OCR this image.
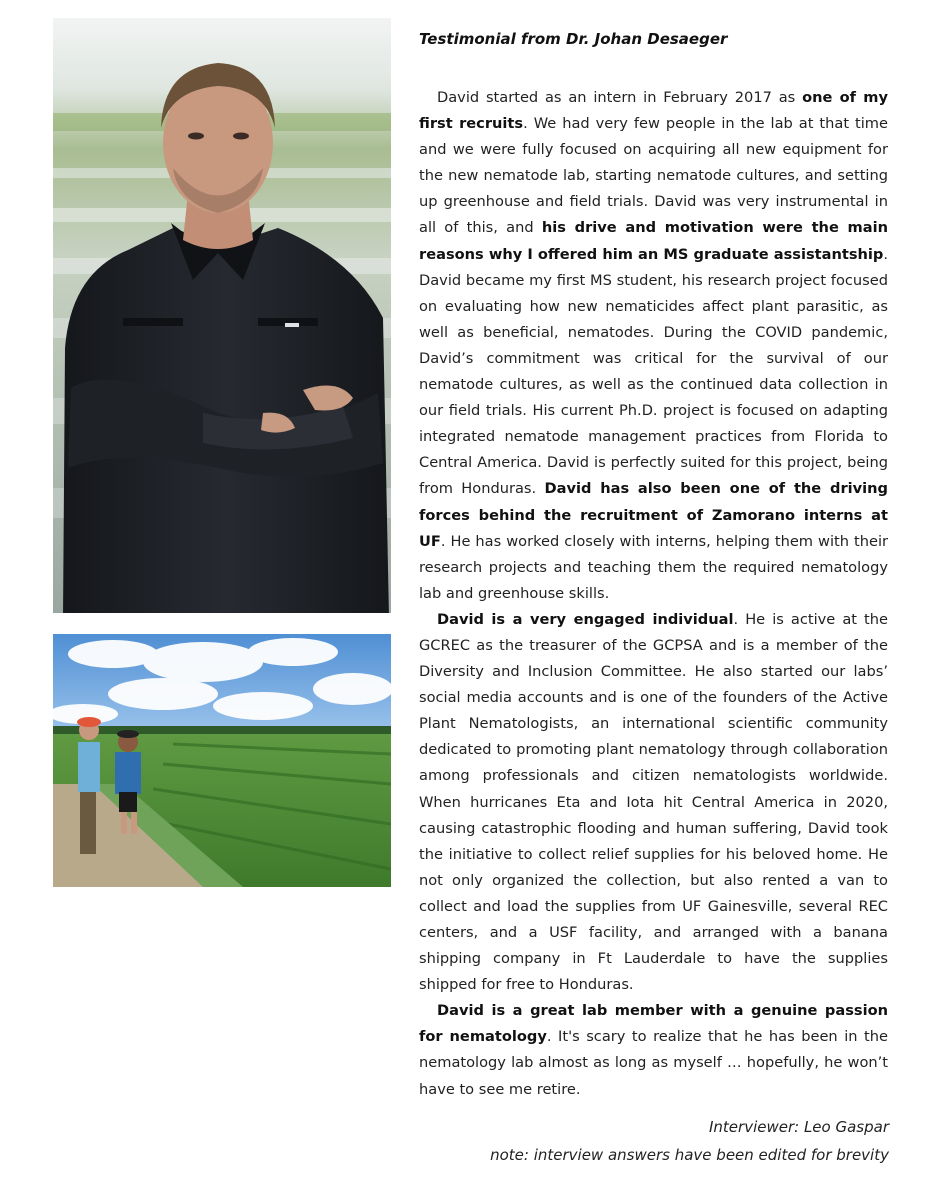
Testimonial from Dr. Johan Desaeger

David started as an intern in February 2017 as one of my first recruits. We had very few people in the lab at that time and we were fully focused on acquiring all new equipment for the new nematode lab, starting nematode cultures, and setting up greenhouse and field trials. David was very instrumental in all of this, and his drive and motivation were the main reasons why I offered him an MS graduate assistantship. David became my first MS student, his research project focused on evaluating how new nematicides affect plant parasitic, as well as beneficial, nematodes. During the COVID pandemic, David’s commitment was critical for the survival of our nematode cultures, as well as the continued data collection in our field trials. His current Ph.D. project is focused on adapting integrated nematode management practices from Florida to Central America. David is perfectly suited for this project, being from Honduras. David has also been one of the driving forces behind the recruitment of Zamorano interns at UF. He has worked closely with interns, helping them with their research projects and teaching them the required nematology lab and greenhouse skills.

David is a very engaged individual. He is active at the GCREC as the treasurer of the GCPSA and is a member of the Diversity and Inclusion Committee. He also started our labs’ social media accounts and is one of the founders of the Active Plant Nematologists, an international scientific community dedicated to promoting plant nematology through collaboration among professionals and citizen nematologists worldwide. When hurricanes Eta and Iota hit Central America in 2020, causing catastrophic flooding and human suffering, David took the initiative to collect relief supplies for his beloved home. He not only organized the collection, but also rented a van to collect and load the supplies from UF Gainesville, several REC centers, and a USF facility, and arranged with a banana shipping company in Ft Lauderdale to have the supplies shipped for free to Honduras.

David is a great lab member with a genuine passion for nematology. It's scary to realize that he has been in the nematology lab almost as long as myself … hopefully, he won’t have to see me retire.

Interviewer: Leo Gaspar
note: interview answers have been edited for brevity
